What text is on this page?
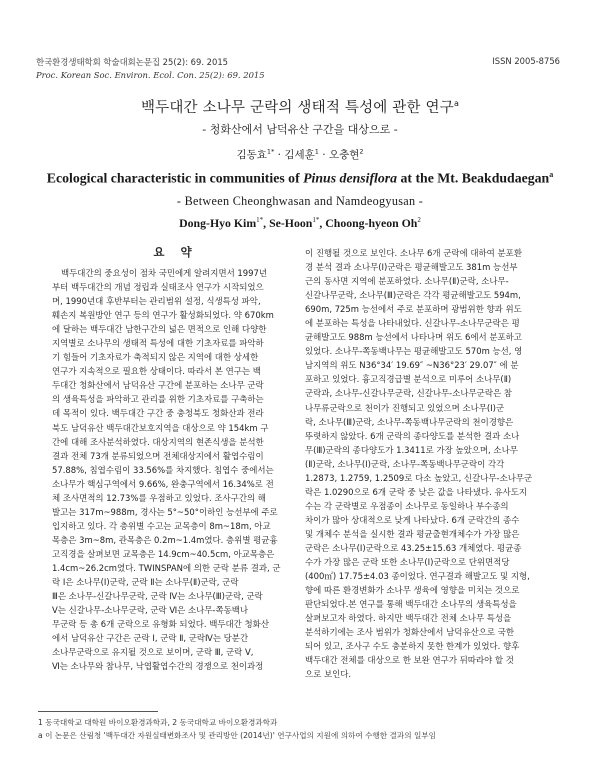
한국환경생태학회 학술대회논문집 25(2): 69. 2015
Proc. Korean Soc. Environ. Ecol. Con. 25(2): 69. 2015
ISSN 2005-8756
백두대간 소나무 군락의 생태적 특성에 관한 연구$^a$
- 청화산에서 남덕유산 구간을 대상으로 -
김동효$^{1*}$ · 김세훈$^1$ · 오충현$^2$
Ecological characteristic in communities of Pinus densiflora at the Mt. Beakdudaegan$^a$
- Between Cheonghwasan and Namdeogyusan -
Dong-Hyo Kim$^{1*}$, Se-Hoon$^{1*}$, Choong-hyeon Oh$^2$
요 약
백두대간의 중요성이 점차 국민에게 알려지면서 1997년
부터 백두대간의 개념 정립과 실태조사 연구가 시작되었으
며, 1990년대 후반부터는 관리범위 설정, 식생특성 파악,
훼손지 복원방안 연구 등의 연구가 활성화되었다. 약 670km
에 달하는 백두대간 남한구간의 넓은 면적으로 인해 다양한
지역별로 소나무의 생태적 특성에 대한 기초자료를 파악하
기 힘들어 기초자료가 축적되지 않은 지역에 대한 상세한
연구가 지속적으로 필요한 상태이다. 따라서 본 연구는 백
두대간 청화산에서 남덕유산 구간에 분포하는 소나무 군락
의 생육특성을 파악하고 관리를 위한 기초자료를 구축하는
데 목적이 있다. 백두대간 구간 중 충청북도 청화산과 전라
북도 남덕유산 백두대간보호지역을 대상으로 약 154km 구
간에 대해 조사분석하였다. 대상지역의 현존식생을 분석한
결과 전체 73개 분류되었으며 전체대상지에서 활엽수림이
57.88%, 침엽수림이 33.56%를 차지했다. 침엽수 중에서는
소나무가 핵심구역에서 9.66%, 완충구역에서 16.34%로 전
체 조사면적의 12.73%를 우점하고 있었다. 조사구간의 해
발고는 317m~988m, 경사는 5°~50°이하인 능선부에 주로
입지하고 있다. 각 층위별 수고는 교목층이 8m~18m, 아교
목층은 3m~8m, 관목층은 0.2m~1.4m였다. 층위별 평균흉
고직경을 살펴보면 교목층은 14.9cm~40.5cm, 아교목층은
1.4cm~26.2cm였다. TWINSPAN에 의한 군락 분류 결과, 군
락 Ⅰ은 소나무(Ⅰ)군락, 군락 Ⅱ는 소나무(Ⅱ)군락, 군락
Ⅲ은 소나무-신갈나무군락, 군락 Ⅳ는 소나무(Ⅲ)군락, 군락
Ⅴ는 신갈나무-소나무군락, 군락 Ⅵ은 소나무-쪽동백나
무군락 등 총 6개 군락으로 유형화 되었다. 백두대간 청화산
에서 남덕유산 구간은 군락 Ⅰ, 군락 Ⅱ, 군락Ⅳ는 당분간
소나무군락으로 유지될 것으로 보이며, 군락 Ⅲ, 군락 Ⅴ,
Ⅵ는 소나무와 참나무, 낙엽활엽수간의 경쟁으로 천이과정
이 진행될 것으로 보인다. 소나무 6개 군락에 대하여 분포환
경 분석 결과 소나무(Ⅰ)군락은 평균해발고도 381m 능선부
근의 동사면 지역에 분포하였다. 소나무(Ⅱ)군락, 소나무-
신갈나무군락, 소나무(Ⅲ)군락은 각각 평균해발고도 594m,
690m, 725m 능선에서 주로 분포하며 광범위한 향과 위도
에 분포하는 특성을 나타내었다. 신갈나무-소나무군락은 평
균해발고도 988m 능선에서 나타나며 위도 6에서 분포하고
있었다. 소나무-쪽동백나무는 평균해발고도 570m 능선, 영
남지역의 위도 N36°34′ 19.69″ ~N36°23′ 29.07″ 에 분
포하고 있었다. 흉고직경급별 분석으로 미루어 소나무(Ⅱ)
군락과, 소나무-신갈나무군락, 신갈나무-소나무군락은 참
나무류군락으로 천이가 진행되고 있었으며 소나무(Ⅰ)군
락, 소나무(Ⅲ)군락, 소나무-쪽동백나무군락의 천이경향은
뚜렷하지 않았다. 6개 군락의 종다양도를 분석한 결과 소나
무(Ⅲ)군락의 종다양도가 1.3411로 가장 높았으며, 소나무
(Ⅱ)군락, 소나무(Ⅰ)군락, 소나무-쪽동백나무군락이 각각
1.2873, 1.2759, 1.2509로 다소 높았고, 신갈나무-소나무군
락은 1.0290으로 6개 군락 중 낮은 값을 나타냈다. 유사도지
수는 각 군락별로 우점종이 소나무로 동일하나 부수종의
차이가 많아 상대적으로 낮게 나타났다. 6개 군락간의 종수
및 개체수 분석을 실시한 결과 평균출현개체수가 가장 많은
군락은 소나무(Ⅰ)군락으로 43.25±15.63 개체였다. 평균종
수가 가장 많은 군락 또한 소나무(Ⅰ)군락으로 단위면적당
(400㎡) 17.75±4.03 종이었다. 연구결과 해발고도 및 지형,
향에 따른 환경변화가 소나무 생육에 영향을 미치는 것으로
판단되었다.본 연구를 통해 백두대간 소나무의 생육특성을
살펴보고자 하였다. 하지만 백두대간 전체 소나무 특성을
분석하기에는 조사 범위가 청화산에서 남덕유산으로 국한
되어 있고, 조사구 수도 충분하지 못한 한계가 있었다. 향후
백두대간 전체를 대상으로 한 보완 연구가 뒤따라야 할 것
으로 보인다.
1 동국대학교 대학원 바이오환경과학과, 2 동국대학교 바이오환경과학과
a 이 논문은 산림청 '백두대간 자원실태변화조사 및 관리방안 (2014년)' 연구사업의 지원에 의하여 수행한 결과의 일부임
